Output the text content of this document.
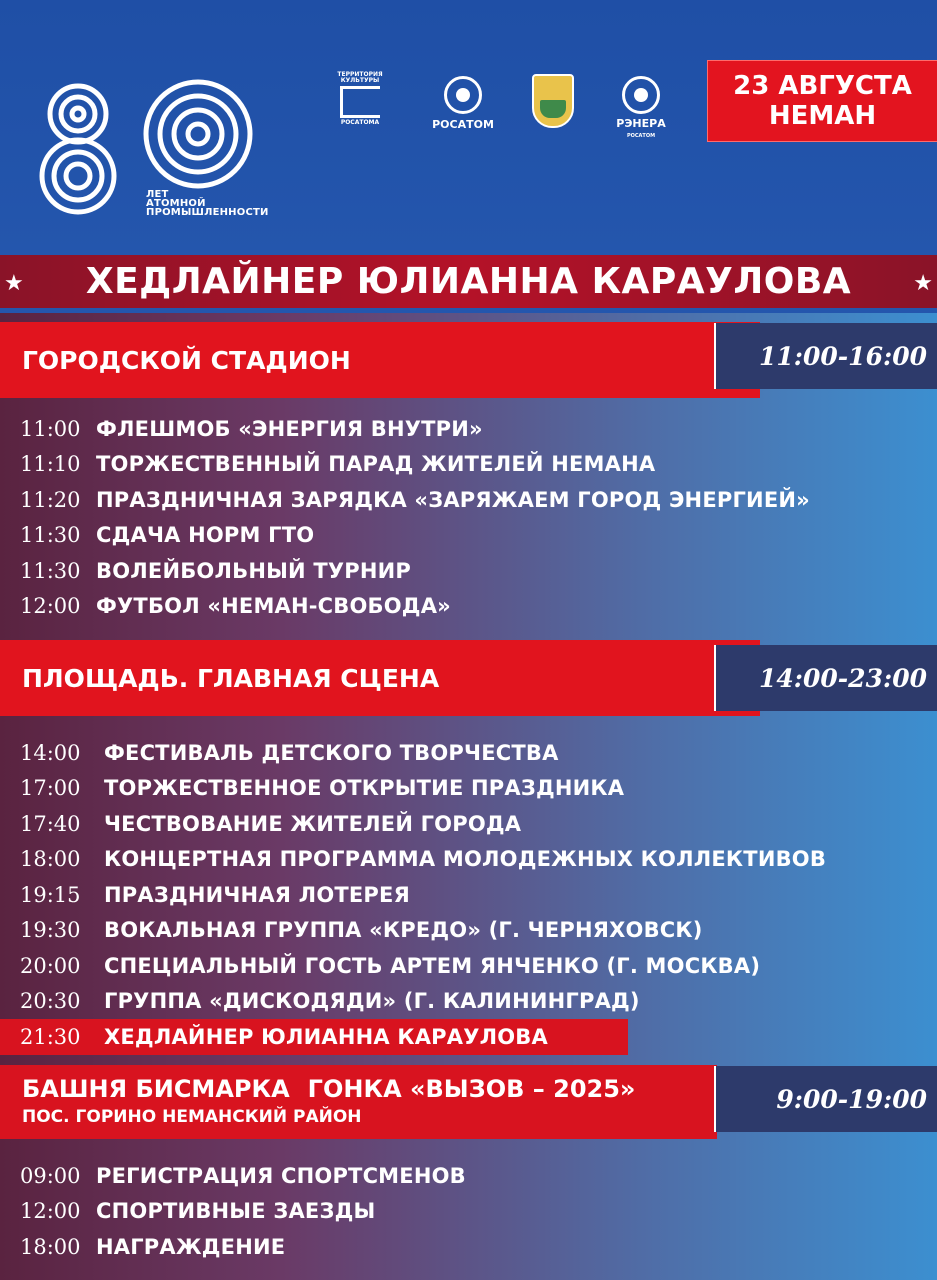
ЛЕТ
АТОМНОЙ
ПРОМЫШЛЕННОСТИ
ТЕРРИТОРИЯ
КУЛЬТУРЫ
РОСАТОМА	РОСАТОМ	РЭНЕРА
РОСАТОМ
23 АВГУСТА
НЕМАН
★ ХЕДЛАЙНЕР ЮЛИАННА КАРАУЛОВА	★
ГОРОДСКОЙ СТАДИОН	11:00-16:00
11:00 ФЛЕШМОБ «ЭНЕРГИЯ ВНУТРИ»
11:10 ТОРЖЕСТВЕННЫЙ ПАРАД ЖИТЕЛЕЙ НЕМАНА
11:20 ПРАЗДНИЧНАЯ ЗАРЯДКА «ЗАРЯЖАЕМ ГОРОД ЭНЕРГИЕЙ»
11:30 СДАЧА НОРМ ГТО
11:30 ВОЛЕЙБОЛЬНЫЙ ТУРНИР
12:00 ФУТБОЛ «НЕМАН-СВОБОДА»
ПЛОЩАДЬ. ГЛАВНАЯ СЦЕНА	14:00-23:00
14:00	ФЕСТИВАЛЬ ДЕТСКОГО ТВОРЧЕСТВА
17:00	ТОРЖЕСТВЕННОЕ ОТКРЫТИЕ ПРАЗДНИКА
17:40	ЧЕСТВОВАНИЕ ЖИТЕЛЕЙ ГОРОДА
18:00	КОНЦЕРТНАЯ ПРОГРАММА МОЛОДЕЖНЫХ КОЛЛЕКТИВОВ
19:15	ПРАЗДНИЧНАЯ ЛОТЕРЕЯ
19:30	ВОКАЛЬНАЯ ГРУППА «КРЕДО» (Г. ЧЕРНЯХОВСК)
20:00	СПЕЦИАЛЬНЫЙ ГОСТЬ АРТЕМ ЯНЧЕНКО (Г. МОСКВА)
20:30	ГРУППА «ДИСКОДЯДИ» (Г. КАЛИНИНГРАД)
21:30	ХЕДЛАЙНЕР ЮЛИАННА КАРАУЛОВА
БАШНЯ БИСМАРКА ГОНКА «ВЫЗОВ – 2025»
ПОС. ГОРИНО НЕМАНСКИЙ РАЙОН
9:00-19:00
09:00 РЕГИСТРАЦИЯ СПОРТСМЕНОВ
12:00 СПОРТИВНЫЕ ЗАЕЗДЫ
18:00 НАГРАЖДЕНИЕ
